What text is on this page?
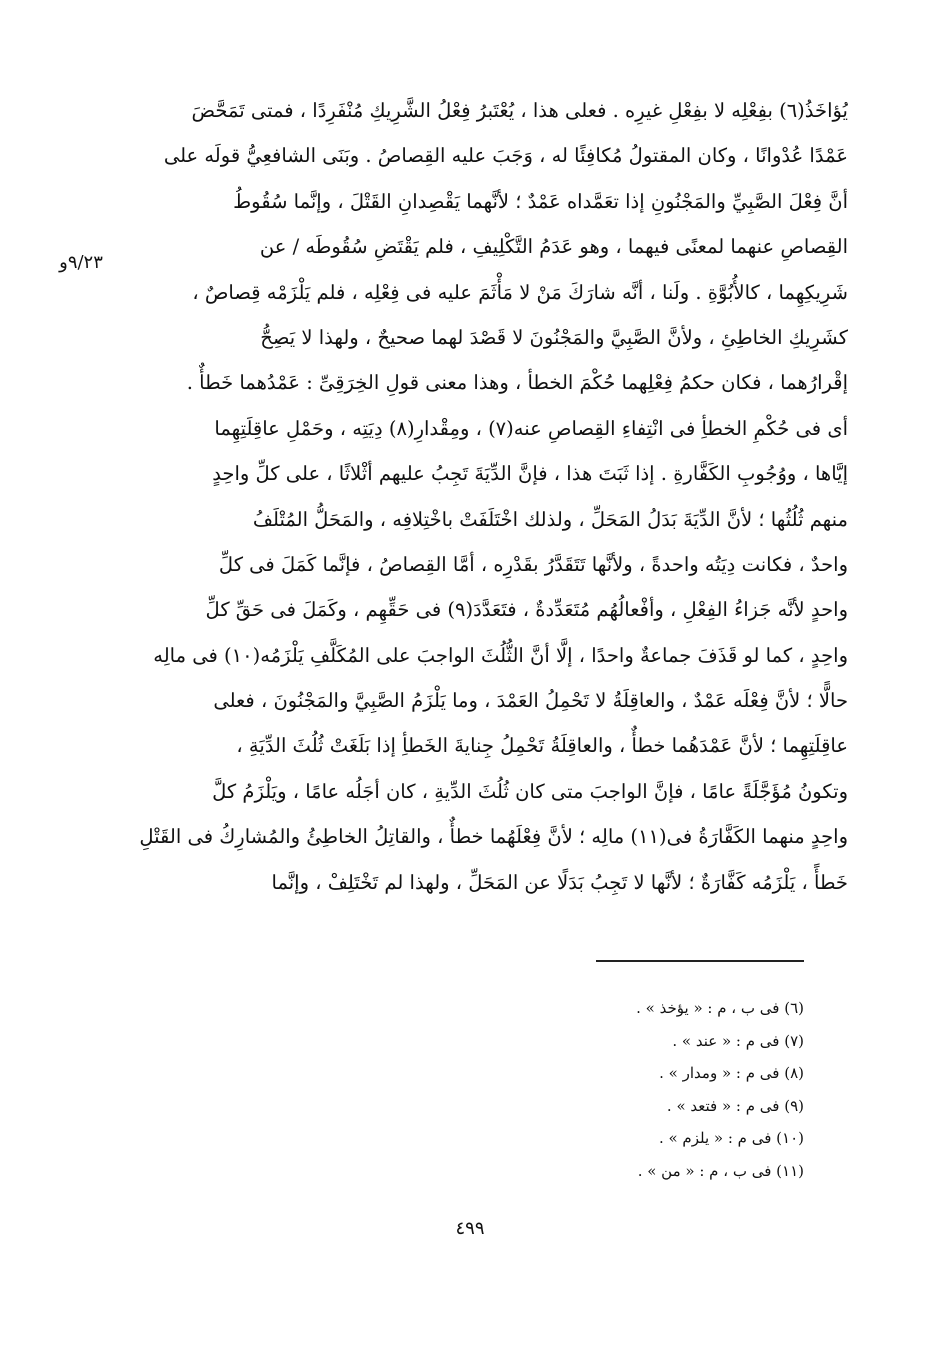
٩/٢٣و
يُؤاخَذُ(٦) بفِعْلِه لا بفِعْلِ غيرِه . فعلى هذا ، يُعْتَبرُ فِعْلُ الشَّرِيكِ مُنْفَرِدًا ، فمتى تَمَحَّضَ
عَمْدًا عُدْوانًا ، وكان المقتولُ مُكافِئًا له ، وَجَبَ عليه القِصاصُ . وبَنَى الشافعِيُّ قولَه على
أنَّ فِعْلَ الصَّبِيِّ والمَجْنُونِ إذا تعَمَّداه عَمْدٌ ؛ لأنَّهما يَقْصِدانِ القَتْلَ ، وإنَّما سُقُوطُ
القِصاصِ عنهما لمعنًى فيهما ، وهو عَدَمُ التَّكْلِيفِ ، فلم يَقْتَضِ سُقُوطَه / عن
شَرِيكِهِما ، كالأُبُوَّةِ . ولَنا ، أنَّه شارَكَ مَنْ لا مَأْثَمَ عليه فى فِعْلِه ، فلم يَلْزَمْه قِصاصٌ ،
كشَرِيكِ الخاطِئِ ، ولأنَّ الصَّبِيَّ والمَجْنُونَ لا قَصْدَ لهما صحيحٌ ، ولهذا لا يَصِحُّ
إقْرارُهما ، فكان حكمُ فِعْلِهما حُكْمَ الخطأ ، وهذا معنى قولِ الخِرَقِىِّ : عَمْدُهما خَطأٌ .
أى فى حُكْمِ الخطأِ فى انْتِفاءِ القِصاصِ عنه(٧) ، ومِقْدارِ(٨) دِيَتِه ، وحَمْلِ عاقِلَتِهِما
إيَّاها ، ووُجُوبِ الكَفَّارةِ . إذا ثَبَتَ هذا ، فإنَّ الدِّيَةَ تَجِبُ عليهم أثْلاثًا ، على كلِّ واحِدٍ
منهم ثُلُثُها ؛ لأنَّ الدِّيَةَ بَدَلُ المَحَلِّ ، ولذلك اخْتَلَفَتْ باخْتِلافِه ، والمَحَلُّ المُتْلَفُ
واحدٌ ، فكانت دِيَتُه واحدةً ، ولأنَّها تَتَقَدَّرُ بقَدْرِه ، أمَّا القِصاصُ ، فإنَّما كَمَلَ فى كلِّ
واحدٍ لأنَّه جَزاءُ الفِعْلِ ، وأفْعالُهُم مُتَعَدِّدةٌ ، فتَعَدَّدَ(٩) فى حَقِّهِم ، وكَمَلَ فى حَقِّ كلِّ
واحِدٍ ، كما لو قَذَفَ جماعةٌ واحدًا ، إلَّا أنَّ الثُّلُثَ الواجبَ على المُكَلَّفِ يَلْزَمُه(١٠) فى مالِه
حالًّا ؛ لأنَّ فِعْلَه عَمْدٌ ، والعاقِلَةُ لا تَحْمِلُ العَمْدَ ، وما يَلْزَمُ الصَّبِيَّ والمَجْنُونَ ، فعلى
عاقِلَتِهِما ؛ لأنَّ عَمْدَهُما خطأٌ ، والعاقِلَةُ تَحْمِلُ جِنايةَ الخَطأِ إذا بَلَغَتْ ثُلُثَ الدِّيَةِ ،
وتكونُ مُؤَجَّلَةً عامًا ، فإنَّ الواجبَ متى كان ثُلُثَ الدِّيةِ ، كان أجَلُه عامًا ، ويَلْزَمُ كلَّ
واحِدٍ منهما الكَفَّارَةُ فى(١١) مالِه ؛ لأنَّ فِعْلَهُما خطأٌ ، والقاتِلُ الخاطِئُ والمُشارِكُ فى القَتْلِ
خَطأً ، يَلْزَمُه كَفَّارَةٌ ؛ لأنَّها لا تَجِبُ بَدَلًا عن المَحَلِّ ، ولهذا لم تَخْتَلِفْ ، وإنَّما
(٦) فى ب ، م : « يؤخذ » .
(٧) فى م : « عند » .
(٨) فى م : « ومدار » .
(٩) فى م : « فتعد » .
(١٠) فى م : « يلزم » .
(١١) فى ب ، م : « من » .
٤٩٩
